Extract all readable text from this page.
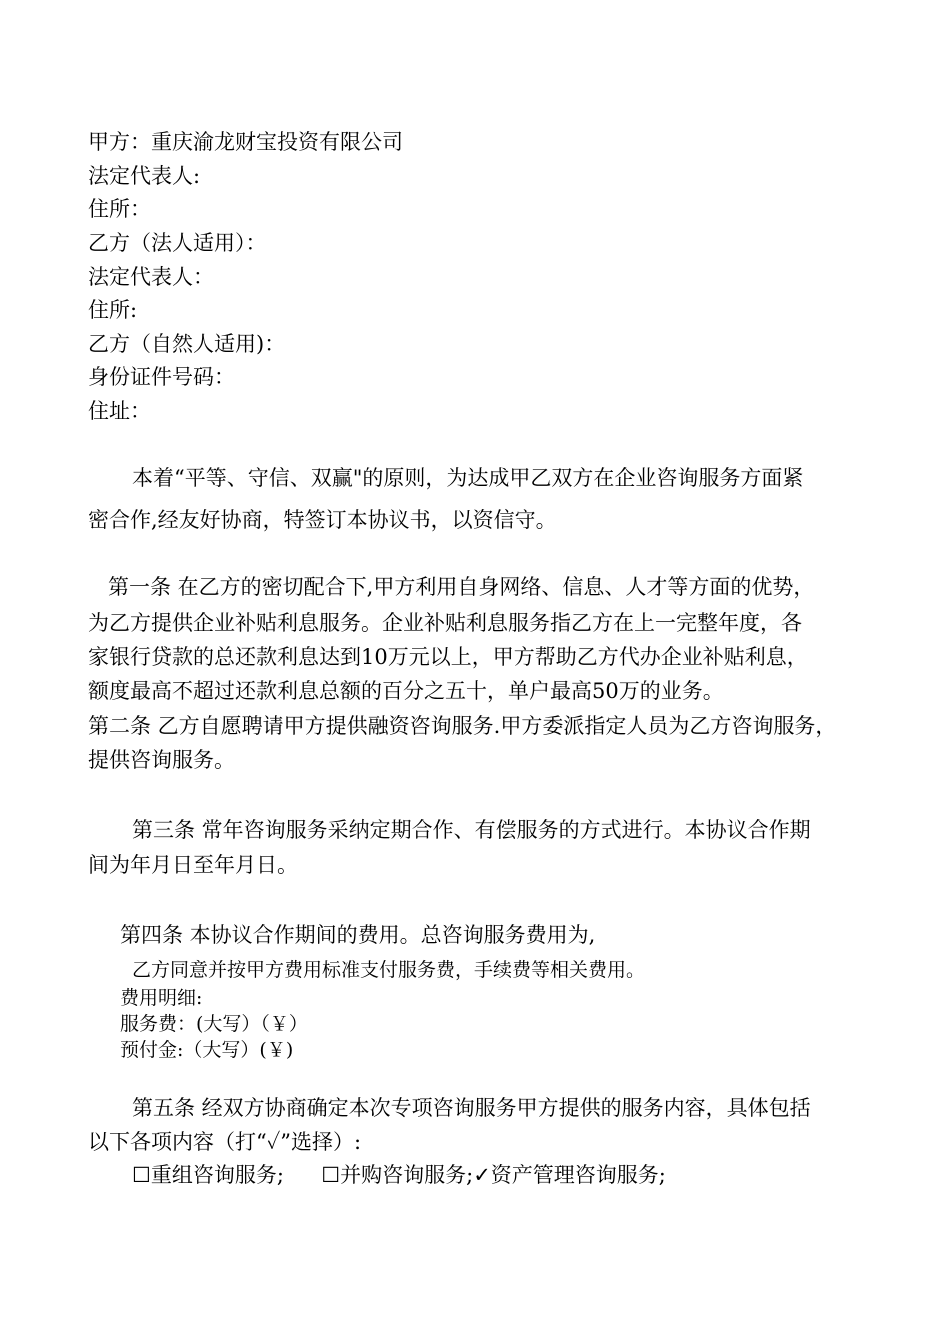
甲方：重庆渝龙财宝投资有限公司
法定代表人:
住所：
乙方（法人适用）：
法定代表人：
住所:
乙方（自然人适用)：
身份证件号码：
住址：
本着“平等、守信、双赢"的原则，为达成甲乙双方在企业咨询服务方面紧
密合作,经友好协商，特签订本协议书，以资信守。
第一条 在乙方的密切配合下,甲方利用自身网络、信息、人才等方面的优势，
为乙方提供企业补贴利息服务。企业补贴利息服务指乙方在上一完整年度，各
家银行贷款的总还款利息达到10万元以上，甲方帮助乙方代办企业补贴利息，
额度最高不超过还款利息总额的百分之五十，单户最高50万的业务。
第二条 乙方自愿聘请甲方提供融资咨询服务.甲方委派指定人员为乙方咨询服务，
提供咨询服务。
第三条 常年咨询服务采纳定期合作、有偿服务的方式进行。本协议合作期
间为年月日至年月日。
第四条 本协议合作期间的费用。总咨询服务费用为,
乙方同意并按甲方费用标准支付服务费，手续费等相关费用。
费用明细:
服务费：(大写）（￥）
预付金:（大写）(￥)
第五条 经双方协商确定本次专项咨询服务甲方提供的服务内容，具体包括
以下各项内容（打“✓”选择）:
☐重组咨询服务; ☐并购咨询服务;✓资产管理咨询服务;
